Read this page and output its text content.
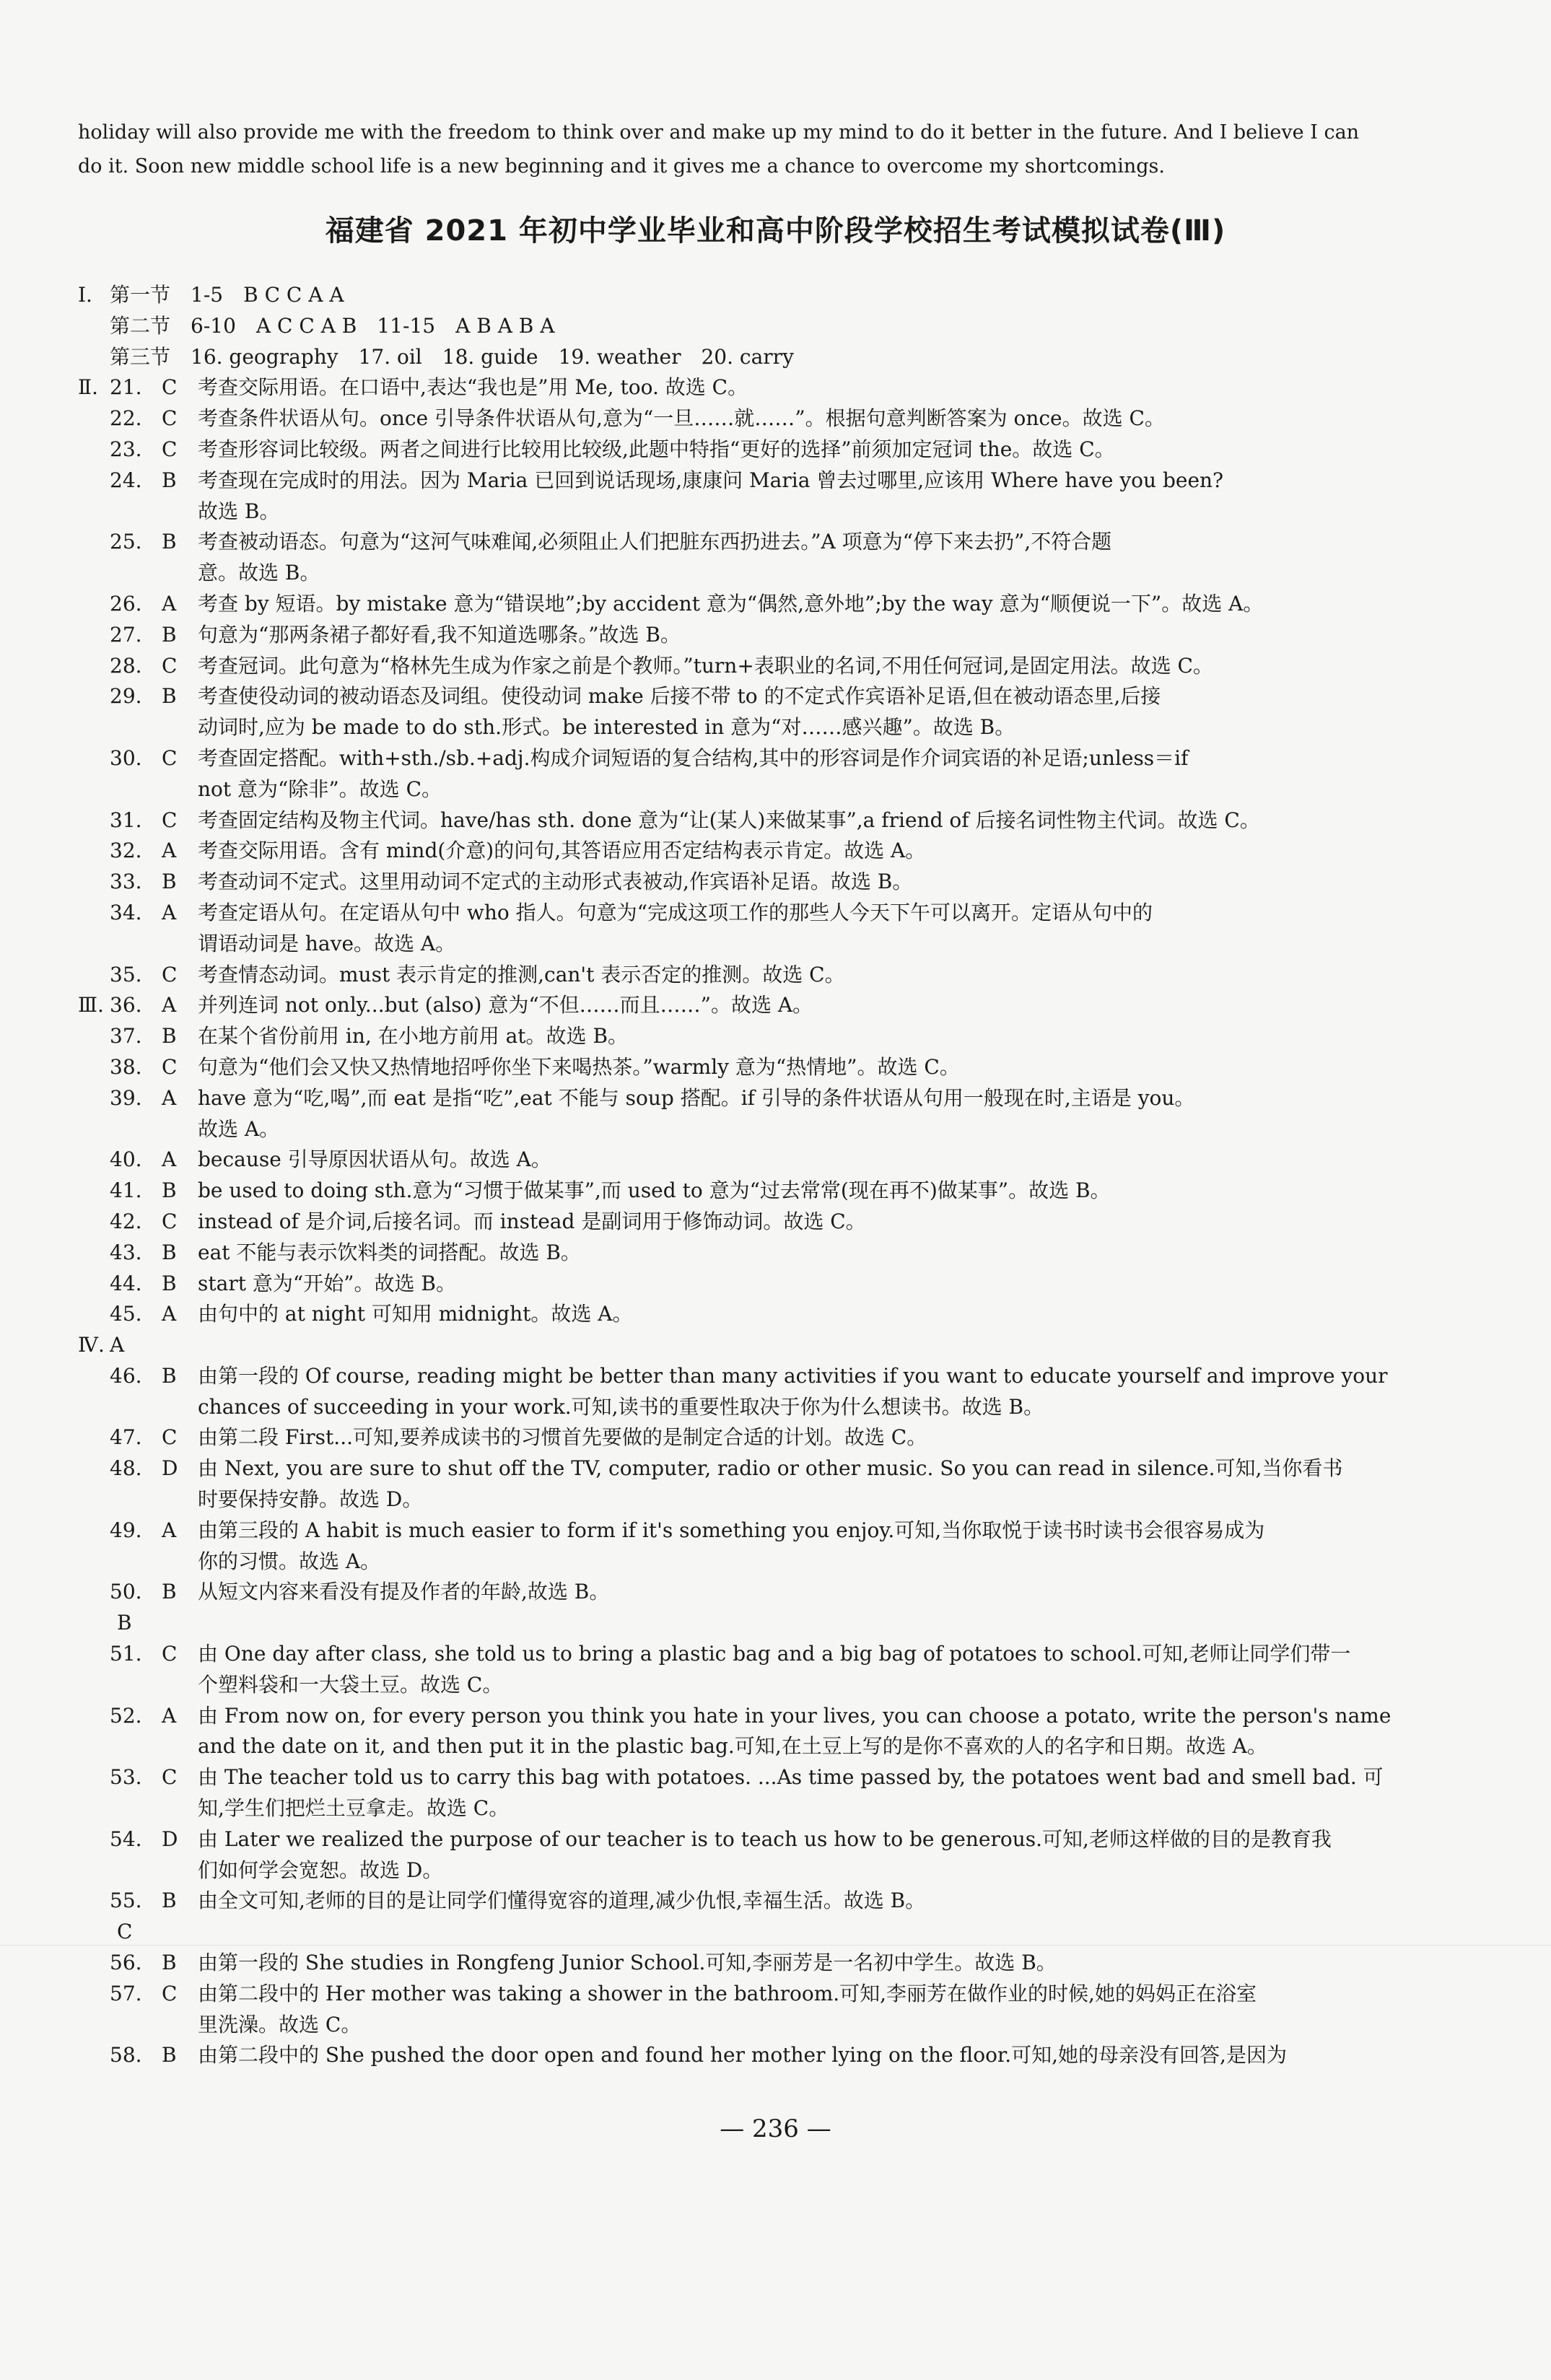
holiday will also provide me with the freedom to think over and make up my mind to do it better in the future. And I believe I can
do it. Soon new middle school life is a new beginning and it gives me a chance to overcome my shortcomings.
福建省 2021 年初中学业毕业和高中阶段学校招生考试模拟试卷(Ⅲ)
Ⅰ. 第一节　1-5　B C C A A
第二节　6-10　A C C A B　11-15　A B A B A
第三节　16. geography　17. oil　18. guide　19. weather　20. carry
Ⅱ. 21. C	考查交际用语。在口语中,表达“我也是”用 Me, too. 故选 C。
22. C	考查条件状语从句。once 引导条件状语从句,意为“一旦……就……”。根据句意判断答案为 once。故选 C。
23. C	考查形容词比较级。两者之间进行比较用比较级,此题中特指“更好的选择”前须加定冠词 the。故选 C。
24. B	考查现在完成时的用法。因为 Maria 已回到说话现场,康康问 Maria 曾去过哪里,应该用 Where have you been?
故选 B。
25. B	考查被动语态。句意为“这河气味难闻,必须阻止人们把脏东西扔进去。”A 项意为“停下来去扔”,不符合题
意。故选 B。
26. A	考查 by 短语。by mistake 意为“错误地”;by accident 意为“偶然,意外地”;by the way 意为“顺便说一下”。故选 A。
27. B	句意为“那两条裙子都好看,我不知道选哪条。”故选 B。
28. C	考查冠词。此句意为“格林先生成为作家之前是个教师。”turn+表职业的名词,不用任何冠词,是固定用法。故选 C。
29. B	考查使役动词的被动语态及词组。使役动词 make 后接不带 to 的不定式作宾语补足语,但在被动语态里,后接
动词时,应为 be made to do sth.形式。be interested in 意为“对……感兴趣”。故选 B。
30. C	考查固定搭配。with+sth./sb.+adj.构成介词短语的复合结构,其中的形容词是作介词宾语的补足语;unless＝if
not 意为“除非”。故选 C。
31. C	考查固定结构及物主代词。have/has sth. done 意为“让(某人)来做某事”,a friend of 后接名词性物主代词。故选 C。
32. A	考查交际用语。含有 mind(介意)的问句,其答语应用否定结构表示肯定。故选 A。
33. B	考查动词不定式。这里用动词不定式的主动形式表被动,作宾语补足语。故选 B。
34. A	考查定语从句。在定语从句中 who 指人。句意为“完成这项工作的那些人今天下午可以离开。定语从句中的
谓语动词是 have。故选 A。
35. C	考查情态动词。must 表示肯定的推测,can't 表示否定的推测。故选 C。
Ⅲ. 36. A	并列连词 not only...but (also) 意为“不但……而且……”。故选 A。
37. B	在某个省份前用 in, 在小地方前用 at。故选 B。
38. C	句意为“他们会又快又热情地招呼你坐下来喝热茶。”warmly 意为“热情地”。故选 C。
39. A	have 意为“吃,喝”,而 eat 是指“吃”,eat 不能与 soup 搭配。if 引导的条件状语从句用一般现在时,主语是 you。
故选 A。
40. A	because 引导原因状语从句。故选 A。
41. B	be used to doing sth.意为“习惯于做某事”,而 used to 意为“过去常常(现在再不)做某事”。故选 B。
42. C	instead of 是介词,后接名词。而 instead 是副词用于修饰动词。故选 C。
43. B	eat 不能与表示饮料类的词搭配。故选 B。
44. B	start 意为“开始”。故选 B。
45. A	由句中的 at night 可知用 midnight。故选 A。
Ⅳ. A
46. B	由第一段的 Of course, reading might be better than many activities if you want to educate yourself and improve your
chances of succeeding in your work.可知,读书的重要性取决于你为什么想读书。故选 B。
47. C	由第二段 First...可知,要养成读书的习惯首先要做的是制定合适的计划。故选 C。
48. D 由 Next, you are sure to shut off the TV, computer, radio or other music. So you can read in silence.可知,当你看书
时要保持安静。故选 D。
49. A	由第三段的 A habit is much easier to form if it's something you enjoy.可知,当你取悦于读书时读书会很容易成为
你的习惯。故选 A。
50. B	从短文内容来看没有提及作者的年龄,故选 B。
B
51. C	由 One day after class, she told us to bring a plastic bag and a big bag of potatoes to school.可知,老师让同学们带一
个塑料袋和一大袋土豆。故选 C。
52. A	由 From now on, for every person you think you hate in your lives, you can choose a potato, write the person's name
and the date on it, and then put it in the plastic bag.可知,在土豆上写的是你不喜欢的人的名字和日期。故选 A。
53. C	由 The teacher told us to carry this bag with potatoes. ...As time passed by, the potatoes went bad and smell bad. 可
知,学生们把烂土豆拿走。故选 C。
54. D 由 Later we realized the purpose of our teacher is to teach us how to be generous.可知,老师这样做的目的是教育我
们如何学会宽恕。故选 D。
55. B	由全文可知,老师的目的是让同学们懂得宽容的道理,减少仇恨,幸福生活。故选 B。
C
56. B	由第一段的 She studies in Rongfeng Junior School.可知,李丽芳是一名初中学生。故选 B。
57. C	由第二段中的 Her mother was taking a shower in the bathroom.可知,李丽芳在做作业的时候,她的妈妈正在浴室
里洗澡。故选 C。
58. B	由第二段中的 She pushed the door open and found her mother lying on the floor.可知,她的母亲没有回答,是因为
— 236 —
